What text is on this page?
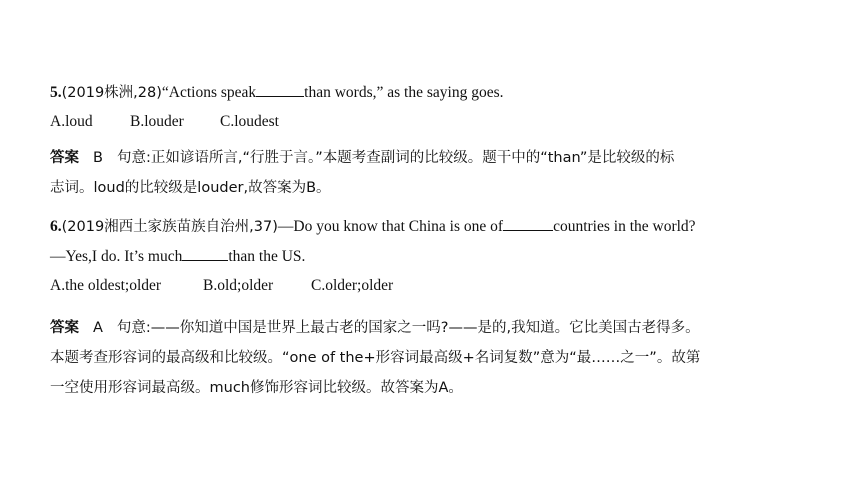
5.(2019株洲,28)“Actions speak	than words,” as the saying goes.
A.loud B.louder C.loudest
答案 B 句意:正如谚语所言,“行胜于言。”本题考查副词的比较级。题干中的“than”是比较级的标
志词。loud的比较级是louder,故答案为B。
6.(2019湘西土家族苗族自治州,37)—Do you know that China is one of	countries in the world?
—Yes,I do. It’s much	than the US.
A.the oldest;older	B.old;older C.older;older
答案 A 句意:——你知道中国是世界上最古老的国家之一吗?——是的,我知道。它比美国古老得多。
本题考查形容词的最高级和比较级。“one of the+形容词最高级+名词复数”意为“最……之一”。故第
一空使用形容词最高级。much修饰形容词比较级。故答案为A。
